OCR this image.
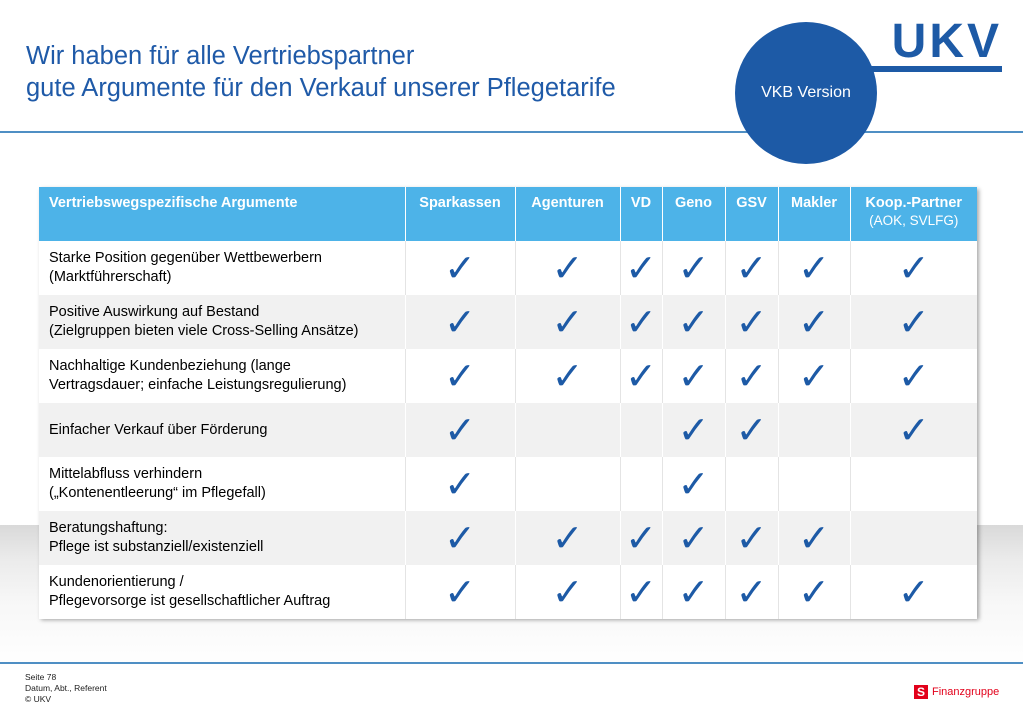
Wir haben für alle Vertriebspartner
gute Argumente für den Verkauf unserer Pflegetarife	VKB Version
UKV
Vertriebswegspezifische Argumente	Sparkassen	Agenturen	VD	Geno	GSV	Makler	Koop.-Partner
(AOK, SVLFG)

Starke Position gegenüber Wettbewerbern
(Marktführerschaft)	✓	✓	✓	✓	✓	✓	✓

Positive Auswirkung auf Bestand
(Zielgruppen bieten viele Cross-Selling Ansätze)	✓	✓	✓	✓	✓	✓	✓

Nachhaltige Kundenbeziehung (lange
Vertragsdauer; einfache Leistungsregulierung)	✓	✓	✓	✓	✓	✓	✓

Einfacher Verkauf über Förderung	✓			✓	✓		✓

Mittelabfluss verhindern
(„Kontenentleerung“ im Pflegefall)	✓			✓			

Beratungshaftung:
Pflege ist substanziell/existenziell	✓	✓	✓	✓	✓	✓	

Kundenorientierung /
Pflegevorsorge ist gesellschaftlicher Auftrag	✓	✓	✓	✓	✓	✓	✓
Seite 78
Datum, Abt., Referent
© UKV	S Finanzgruppe
